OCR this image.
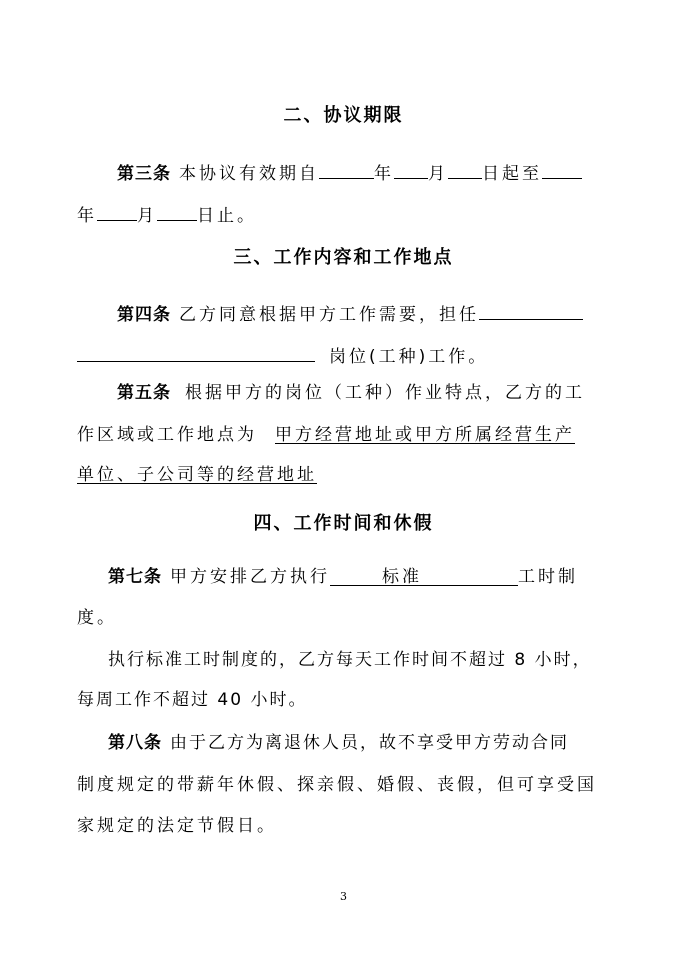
二、协议期限
第三条 本协议有效期自	年 月 日起至
年 月 日止。
三、工作内容和工作地点
第四条 乙方同意根据甲方工作需要，担任
岗位(工种)工作。
第五条 根据甲方的岗位（工种）作业特点，乙方的工
作区域或工作地点为 甲方经营地址或甲方所属经营生产
单位、子公司等的经营地址
四、工作时间和休假
第七条 甲方安排乙方执行	标准	工时制
度。
执行标准工时制度的，乙方每天工作时间不超过 8 小时，
每周工作不超过 40 小时。
第八条 由于乙方为离退休人员，故不享受甲方劳动合同
制度规定的带薪年休假、探亲假、婚假、丧假，但可享受国
家规定的法定节假日。
3
